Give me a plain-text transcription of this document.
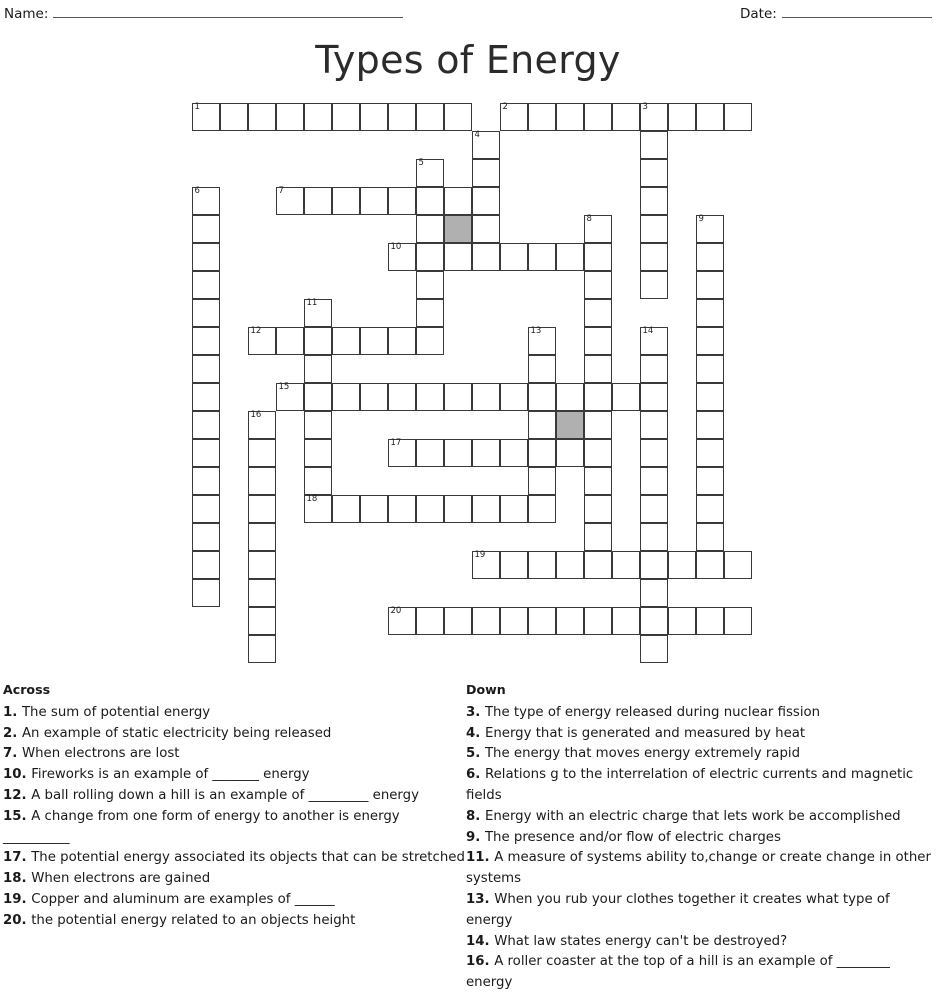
Name:	Date:
Types of Energy
1	2	3
4
5
6	7
8	9
10
11
12	13	14
15
16
17
18
19
20
Across
1. The sum of potential energy
2. An example of static electricity being released
7. When electrons are lost
10. Fireworks is an example of _______ energy
12. A ball rolling down a hill is an example of _________ energy
15. A change from one form of energy to another is energy __________
17. The potential energy associated its objects that can be stretched
18. When electrons are gained
19. Copper and aluminum are examples of ______
20. the potential energy related to an objects height
Down
3. The type of energy released during nuclear fission
4. Energy that is generated and measured by heat
5. The energy that moves energy extremely rapid
6. Relations g to the interrelation of electric currents and magnetic fields
8. Energy with an electric charge that lets work be accomplished
9. The presence and/or flow of electric charges
11. A measure of systems ability to,change or create change in other systems
13. When you rub your clothes together it creates what type of energy
14. What law states energy can't be destroyed?
16. A roller coaster at the top of a hill is an example of ________ energy
